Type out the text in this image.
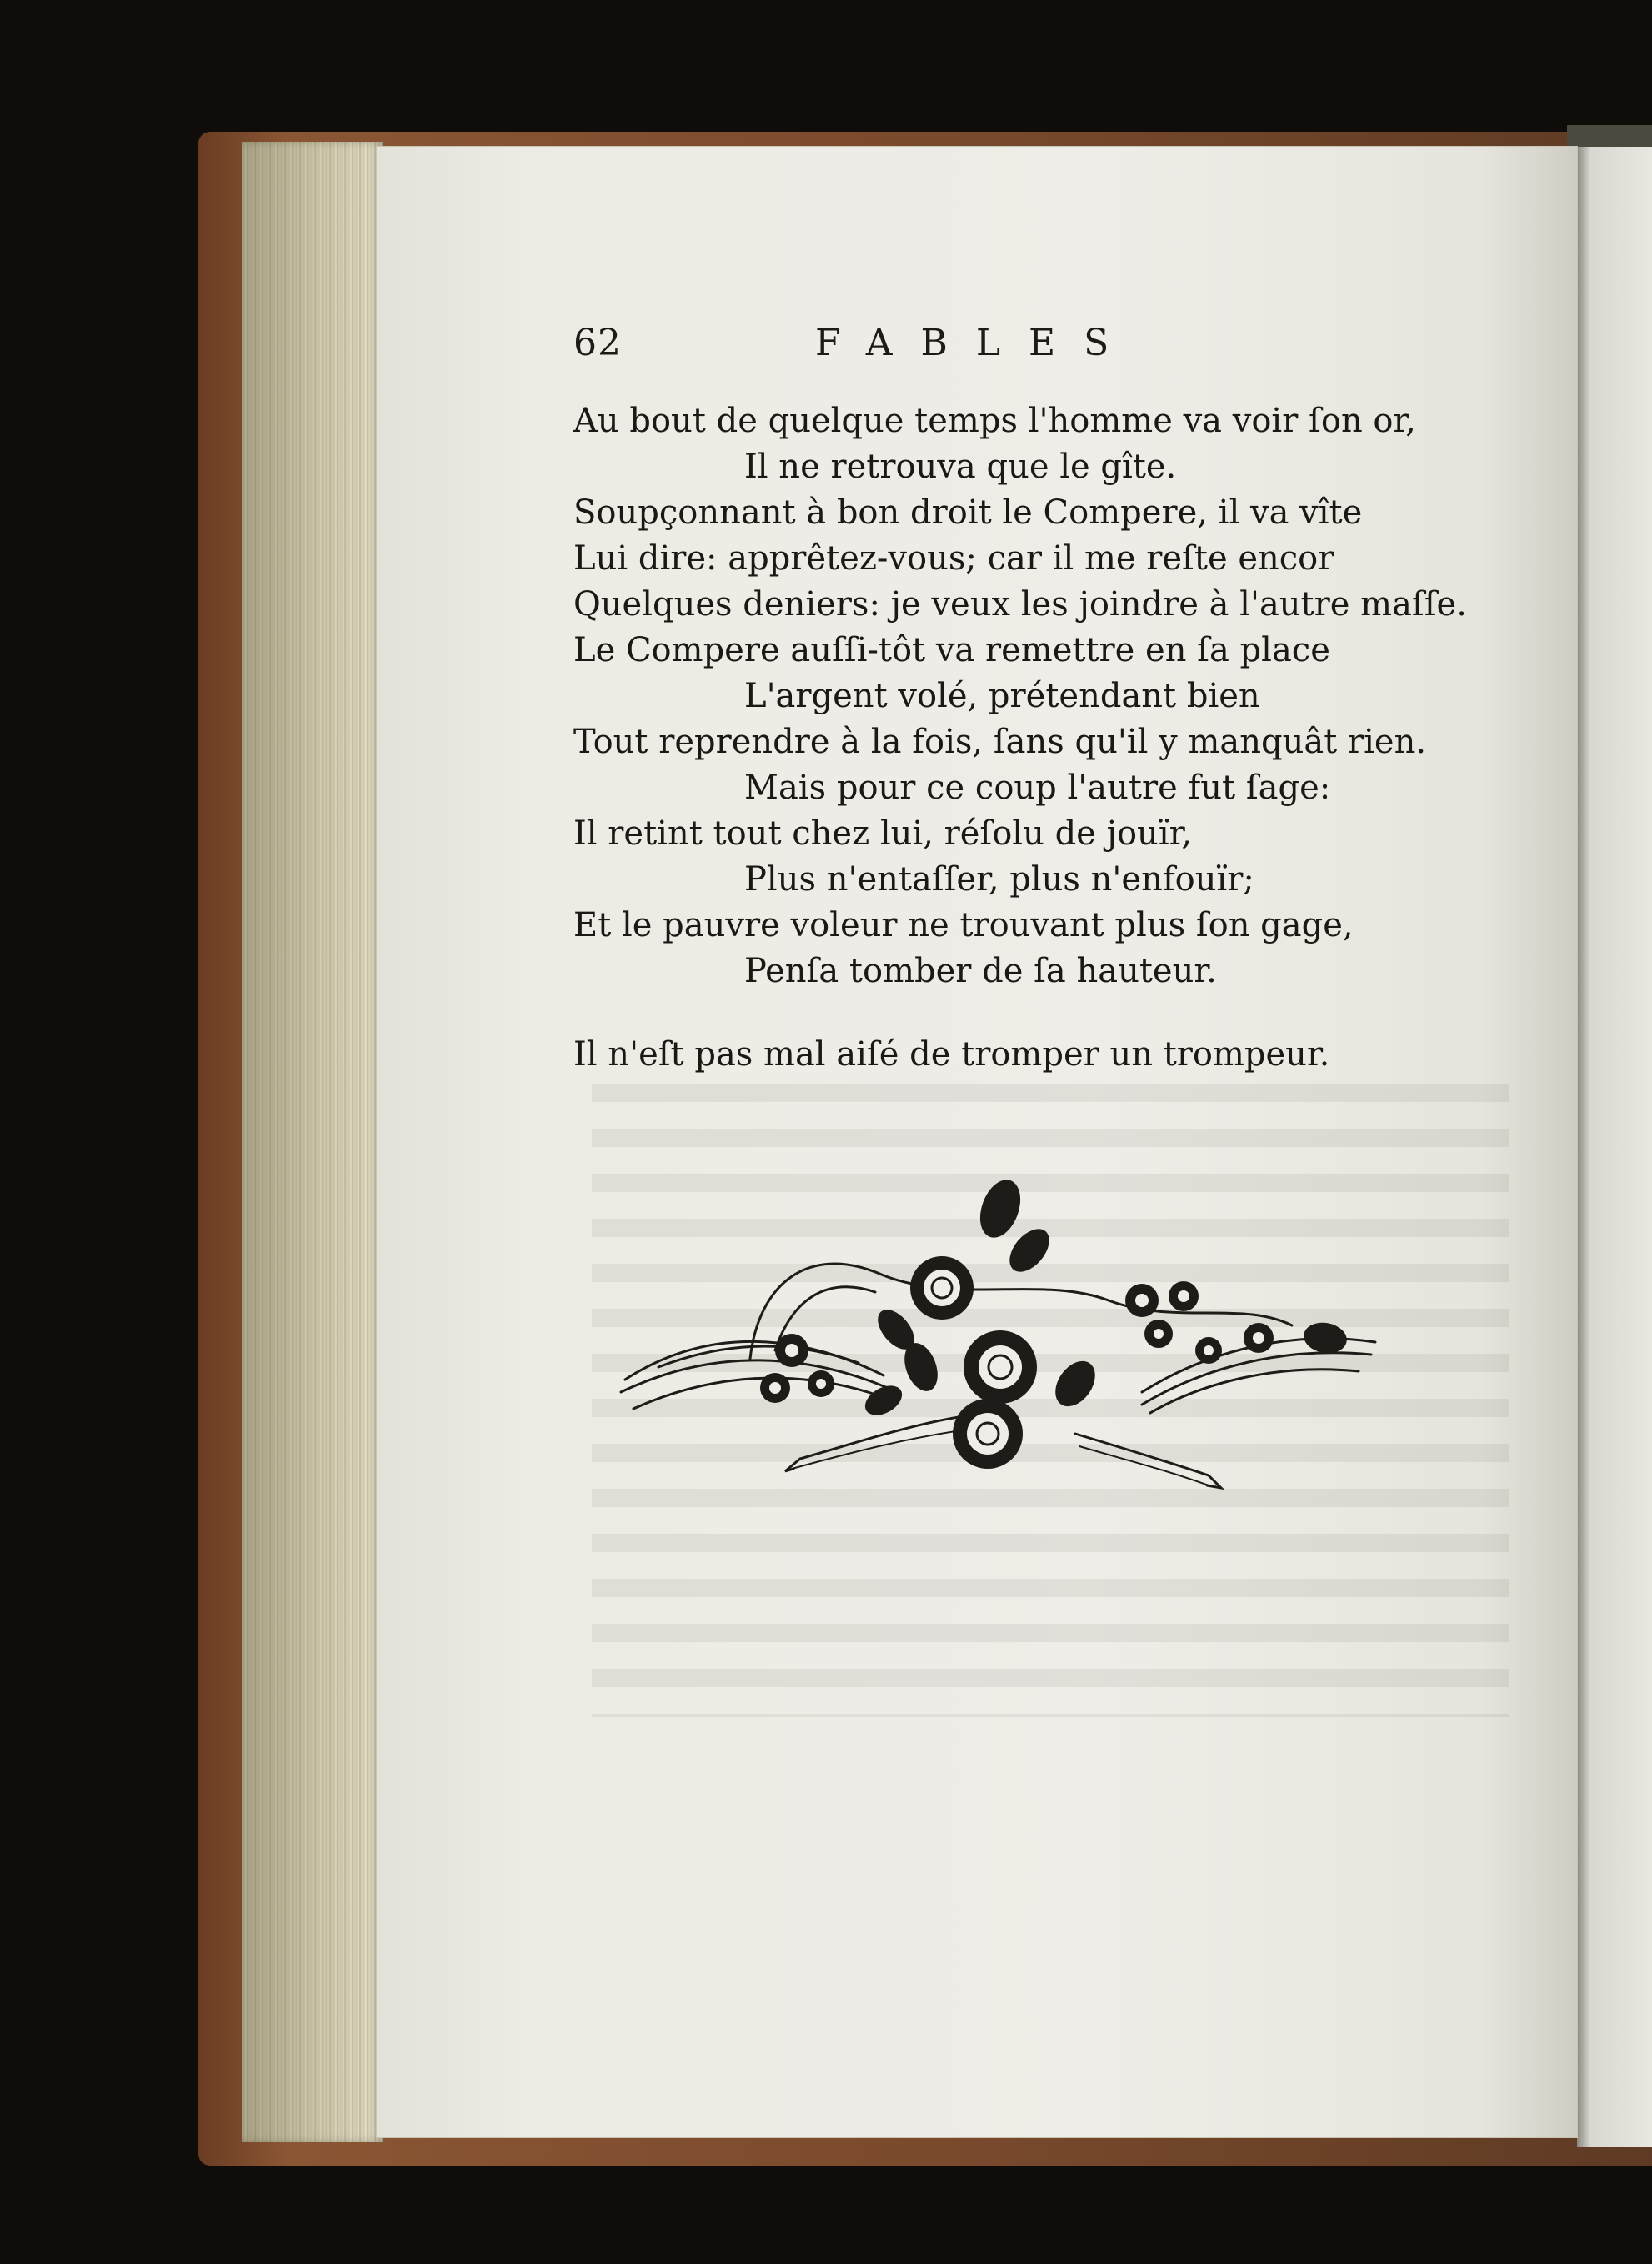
62	FABLES
Au bout de quelque temps l'homme va voir ſon or,
Il ne retrouva que le gîte.
Soupçonnant à bon droit le Compere, il va vîte
Lui dire: apprêtez-vous; car il me reſte encor
Quelques deniers: je veux les joindre à l'autre maſſe.
Le Compere auſſi-tôt va remettre en ſa place
L'argent volé, prétendant bien
Tout reprendre à la fois, ſans qu'il y manquât rien.
Mais pour ce coup l'autre fut ſage:
Il retint tout chez lui, réſolu de jouïr,
Plus n'entaſſer, plus n'enfouïr;
Et le pauvre voleur ne trouvant plus ſon gage,
Penſa tomber de ſa hauteur.
Il n'eſt pas mal aiſé de tromper un trompeur.
